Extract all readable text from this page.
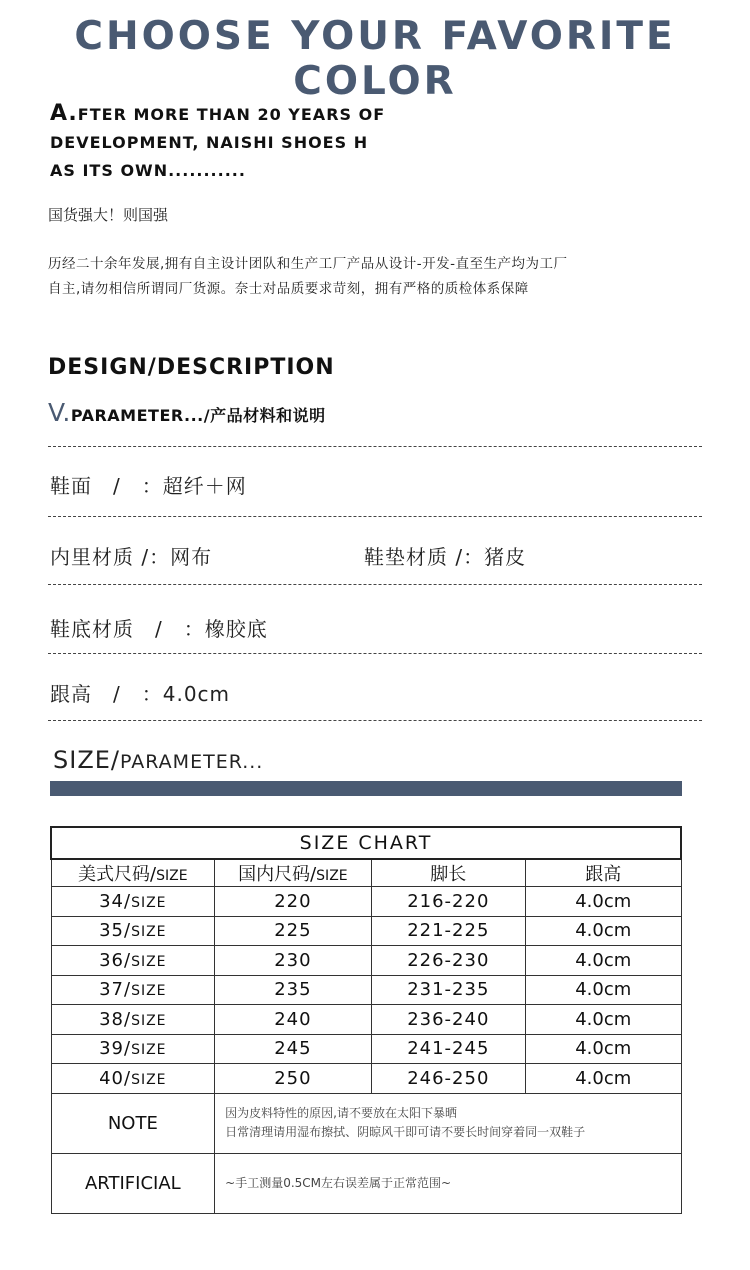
CHOOSE YOUR FAVORITE COLOR
A.FTER MORE THAN 20 YEARS OF
DEVELOPMENT, NAISHI SHOES H
AS ITS OWN...........
国货强大！则国强
历经二十余年发展,拥有自主设计团队和生产工厂产品从设计-开发-直至生产均为工厂
自主,请勿相信所谓同厂货源。奈士对品质要求苛刻，拥有严格的质检体系保障
DESIGN/DESCRIPTION
V.PARAMETER.../产品材料和说明
鞋面　/　：超纤＋网
内里材质 /：网布	鞋垫材质 /：猪皮
鞋底材质　/　：橡胶底
跟高　/　：4.0cm
SIZE/PARAMETER...
SIZE CHART			
美式尺码/SIZE	国内尺码/SIZE	脚长	跟高
34/SIZE	220	216-220	4.0cm
35/SIZE	225	221-225	4.0cm
36/SIZE	230	226-230	4.0cm
37/SIZE	235	231-235	4.0cm
38/SIZE	240	236-240	4.0cm
39/SIZE	245	241-245	4.0cm
40/SIZE	250	246-250	4.0cm
NOTE	因为皮料特性的原因,请不要放在太阳下暴晒
日常清理请用湿布擦拭、阴晾风干即可请不要长时间穿着同一双鞋子		

ARTIFICIAL	~手工测量0.5CM左右误差属于正常范围~		
